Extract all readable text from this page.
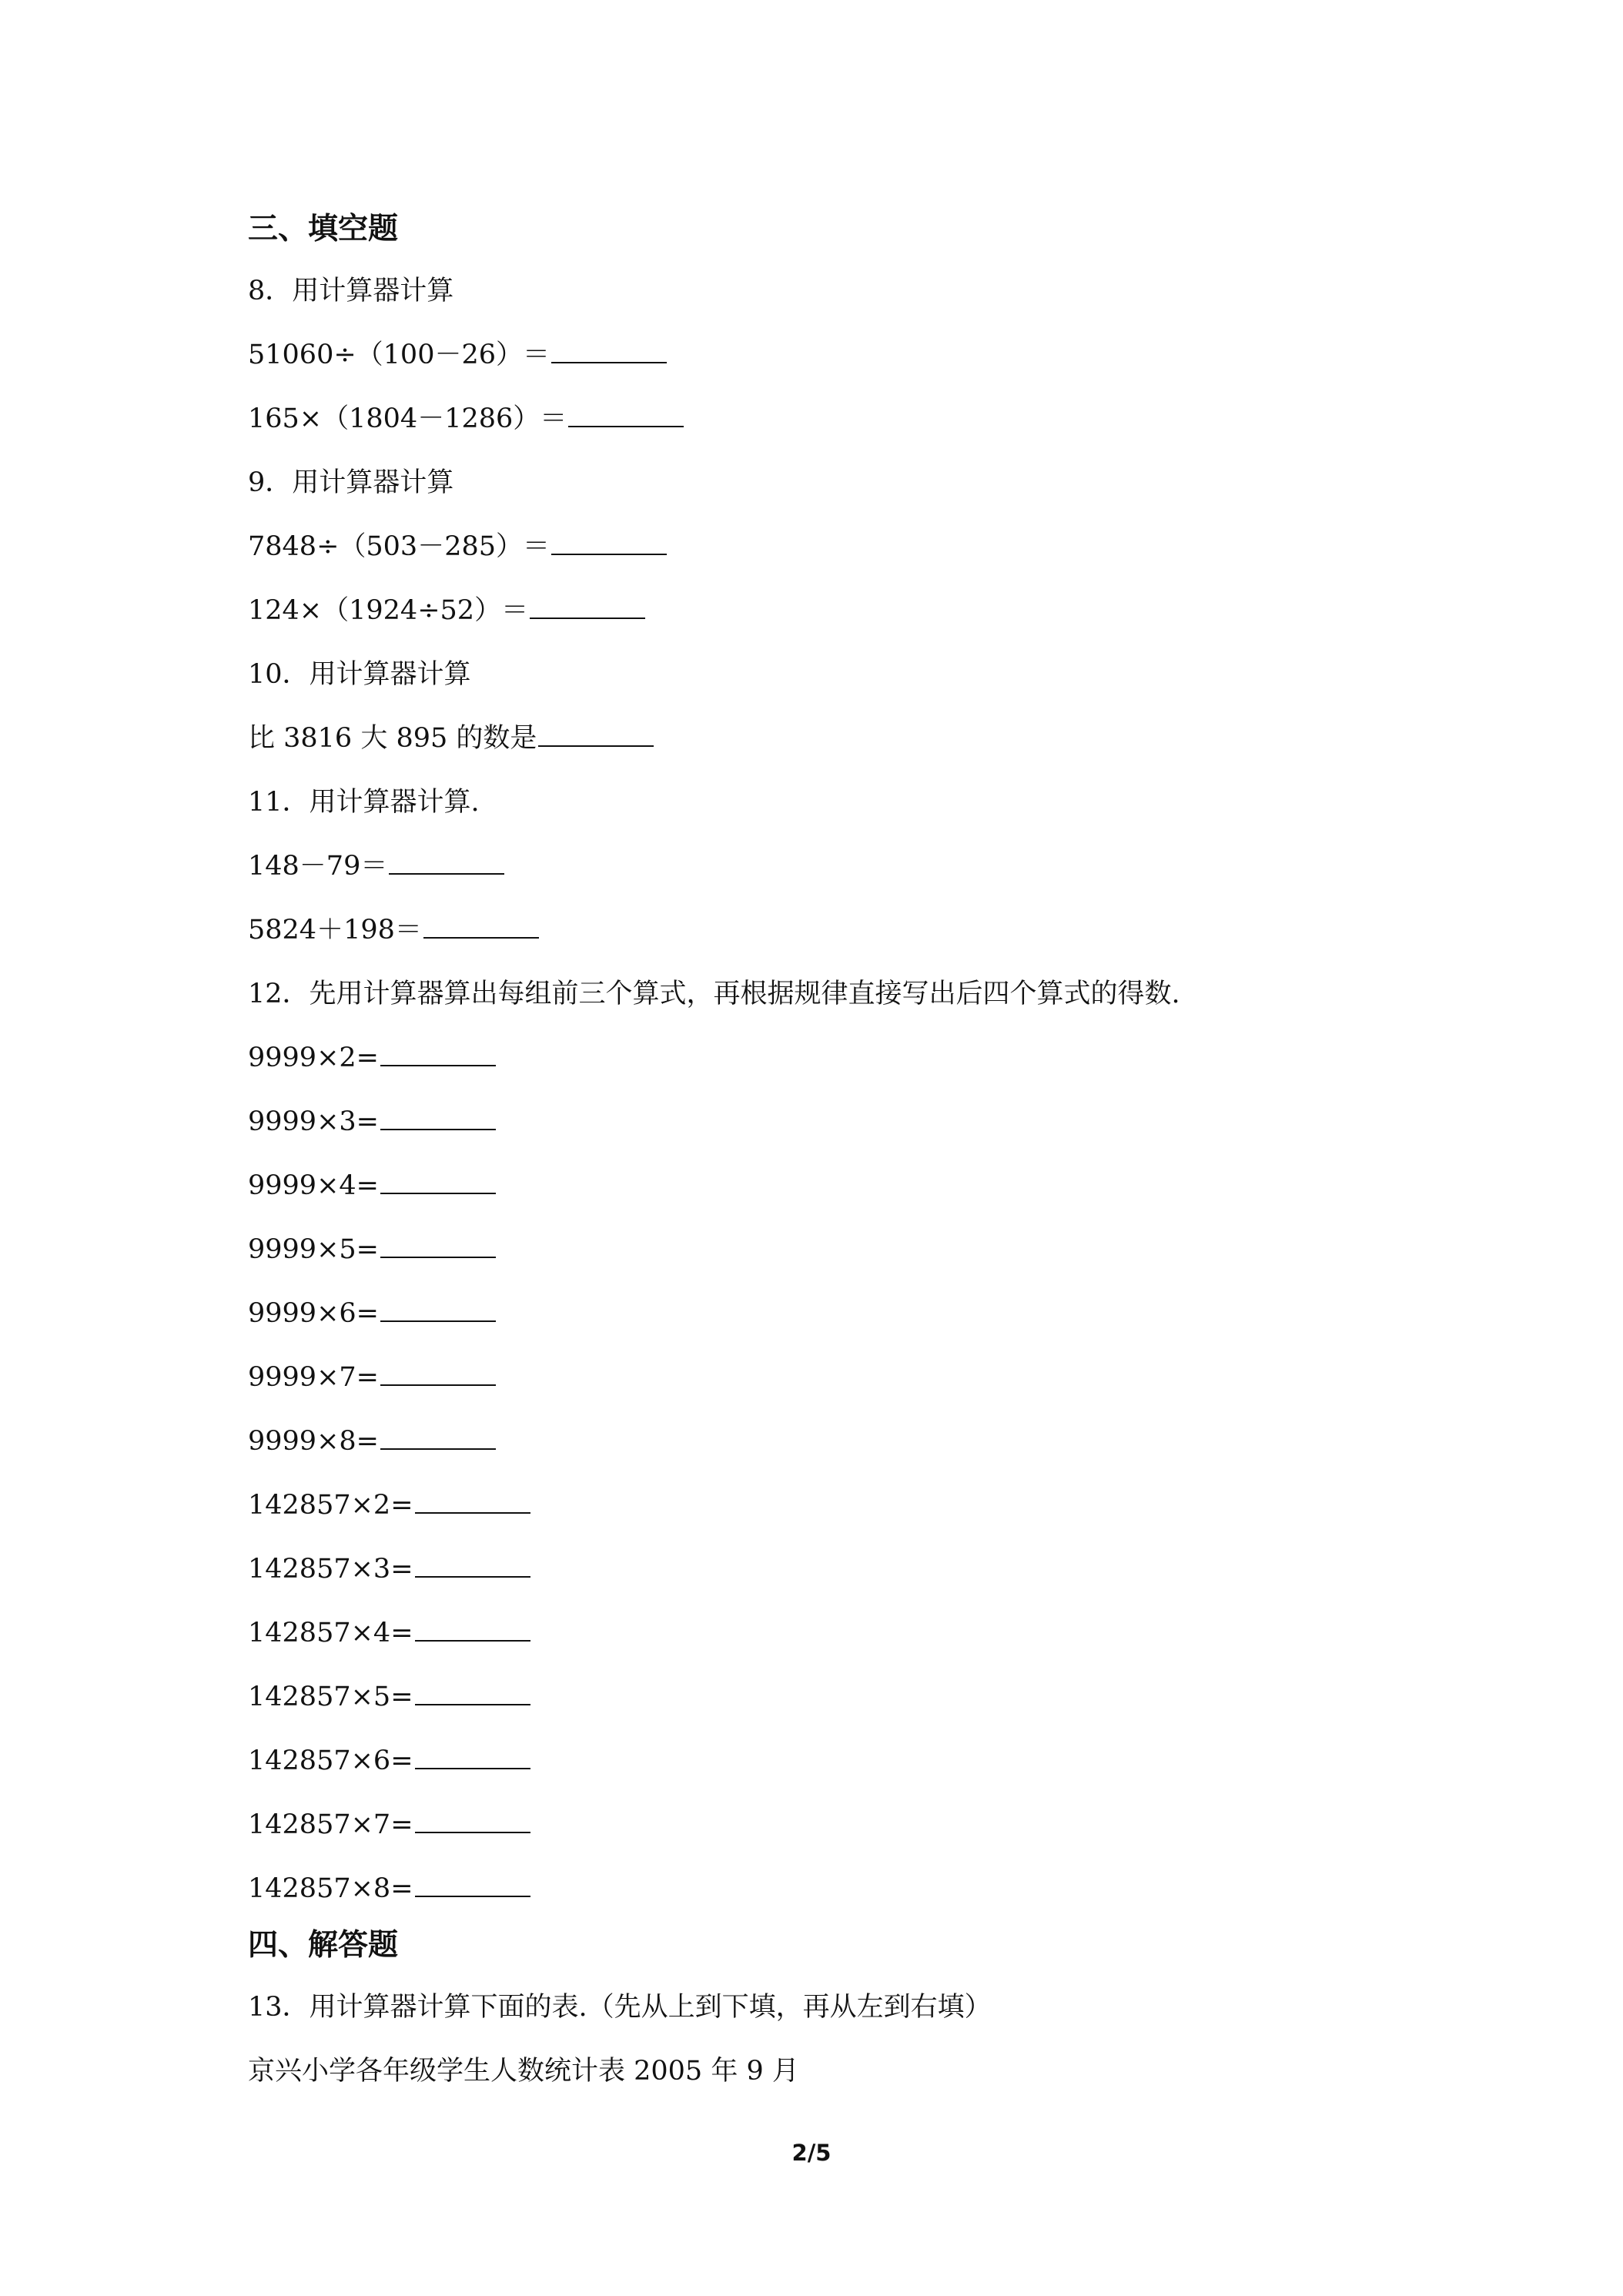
三、填空题
8．用计算器计算
51060÷（100－26）＝
165×（1804－1286）＝
9．用计算器计算
7848÷（503－285）＝
124×（1924÷52）＝
10．用计算器计算
比 3816 大 895 的数是
11．用计算器计算.
148－79＝
5824＋198＝
12．先用计算器算出每组前三个算式，再根据规律直接写出后四个算式的得数.
9999×2=
9999×3=
9999×4=
9999×5=
9999×6=
9999×7=
9999×8=
142857×2=
142857×3=
142857×4=
142857×5=
142857×6=
142857×7=
142857×8=
四、解答题
13．用计算器计算下面的表.（先从上到下填，再从左到右填）
京兴小学各年级学生人数统计表 2005 年 9 月
2/5
